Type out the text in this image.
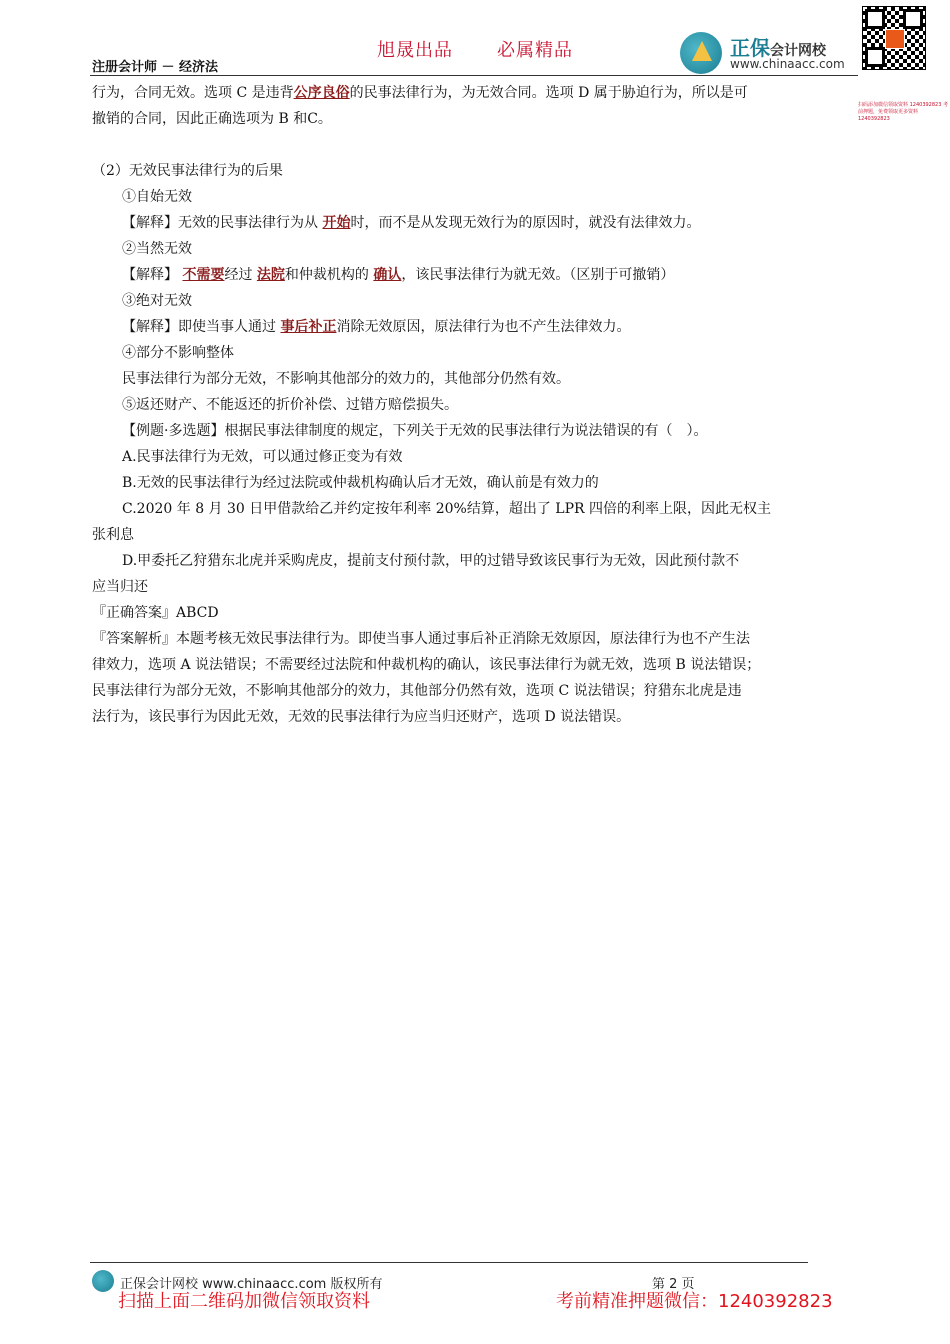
旭晟出品 必属精品	正保会计网校
www.chinaacc.com
扫码添加微信领取资料 1240392823 考前押题，免费领取更多资料 1240392823
注册会计师 － 经济法
行为，合同无效。选项 C 是违背公序良俗的民事法律行为，为无效合同。选项 D 属于胁迫行为，所以是可
撤销的合同，因此正确选项为 B 和C。
（2）无效民事法律行为的后果
①自始无效
【解释】无效的民事法律行为从 开始时，而不是从发现无效行为的原因时，就没有法律效力。
②当然无效
【解释】 不需要经过 法院和仲裁机构的 确认，该民事法律行为就无效。（区别于可撤销）
③绝对无效
【解释】即使当事人通过 事后补正消除无效原因，原法律行为也不产生法律效力。
④部分不影响整体
民事法律行为部分无效，不影响其他部分的效力的，其他部分仍然有效。
⑤返还财产、不能返还的折价补偿、过错方赔偿损失。
【例题·多选题】根据民事法律制度的规定，下列关于无效的民事法律行为说法错误的有（　）。
A.民事法律行为无效，可以通过修正变为有效
B.无效的民事法律行为经过法院或仲裁机构确认后才无效，确认前是有效力的
C.2020 年 8 月 30 日甲借款给乙并约定按年利率 20%结算，超出了 LPR 四倍的利率上限，因此无权主
张利息
D.甲委托乙狩猎东北虎并采购虎皮，提前支付预付款，甲的过错导致该民事行为无效，因此预付款不
应当归还
『正确答案』ABCD
『答案解析』本题考核无效民事法律行为。即使当事人通过事后补正消除无效原因，原法律行为也不产生法
律效力，选项 A 说法错误；不需要经过法院和仲裁机构的确认，该民事法律行为就无效，选项 B 说法错误；
民事法律行为部分无效，不影响其他部分的效力，其他部分仍然有效，选项 C 说法错误；狩猎东北虎是违
法行为，该民事行为因此无效，无效的民事法律行为应当归还财产，选项 D 说法错误。
正保会计网校 www.chinaacc.com 版权所有	第 2 页
扫描上面二维码加微信领取资料	考前精准押题微信：1240392823
